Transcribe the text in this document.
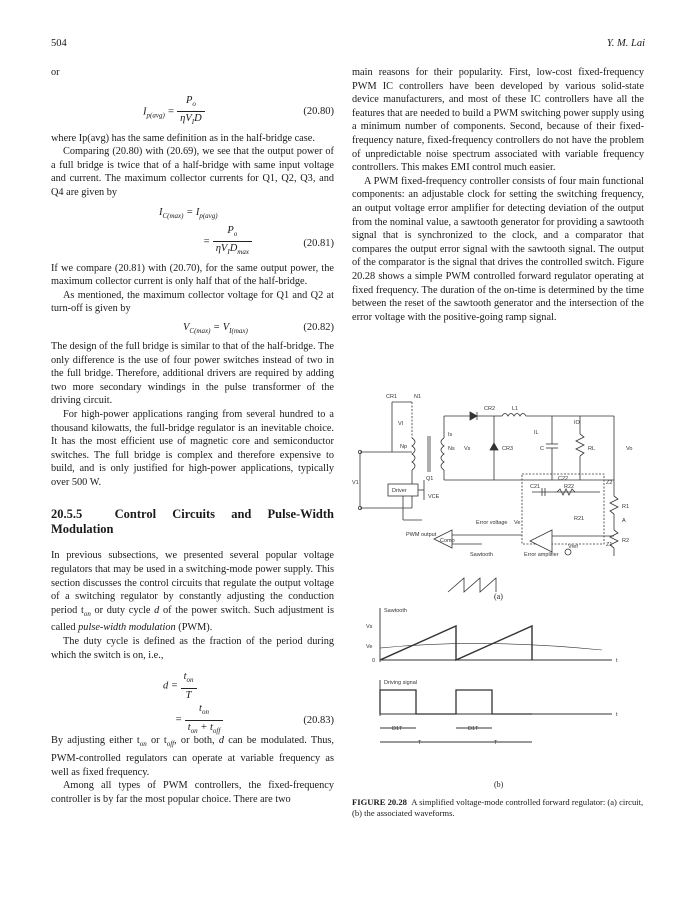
504	Y. M. Lai

or

$I_{p(avg)} = \frac{P_o}{\eta V_ID}$	(20.80)

where Ip(avg) has the same definition as in the half-bridge case.

Comparing (20.80) with (20.69), we see that the output power of a full bridge is twice that of a half-bridge with same input voltage and current. The maximum collector currents for Q1, Q2, Q3, and Q4 are given by

$I_{C(max)} = I_{p(avg)}$
= $\frac{P_o}{\eta V_ID_{max}}$	(20.81)

If we compare (20.81) with (20.70), for the same output power, the maximum collector current is only half that of the half-bridge.

As mentioned, the maximum collector voltage for Q1 and Q2 at turn-off is given by

$V_{C(max)} = V_{I(max)}$	(20.82)

The design of the full bridge is similar to that of the half-bridge. The only difference is the use of four power switches instead of two in the full bridge. Therefore, additional drivers are required by adding two more secondary windings in the pulse transformer of the driving circuit.

For high-power applications ranging from several hundred to a thousand kilowatts, the full-bridge regulator is an inevitable choice. It has the most efficient use of magnetic core and semiconductor switches. The full bridge is complex and therefore expensive to build, and is only justified for high-power applications, typically over 500 W.

20.5.5	Control Circuits and Pulse-Width Modulation

In previous subsections, we presented several popular voltage regulators that may be used in a switching-mode power supply. This section discusses the control circuits that regulate the output voltage of a switching regulator by constantly adjusting the conduction period $t_{on}$ or duty cycle d of the power switch. Such adjustment is called pulse-width modulation (PWM).

The duty cycle is defined as the fraction of the period during which the switch is on, i.e.,

$d = \frac{t_{on}}{T}$
= $\frac{t_{on}}{t_{on} + t_{off}}$	(20.83)

By adjusting either $t_{on}$ or $t_{off}$, or both, d can be modulated. Thus, PWM-controlled regulators can operate at variable frequency as well as fixed frequency.

Among all types of PWM controllers, the fixed-frequency controller is by far the most popular choice. There are two

main reasons for their popularity. First, low-cost fixed-frequency PWM IC controllers have been developed by various solid-state device manufacturers, and most of these IC controllers have all the features that are needed to build a PWM switching power supply using a minimum number of components. Second, because of their fixed-frequency nature, fixed-frequency controllers do not have the problem of unpredictable noise spectrum associated with variable frequency controllers. This makes EMI control much easier.

A PWM fixed-frequency controller consists of four main functional components: an adjustable clock for setting the switching frequency, an output voltage error amplifier for detecting deviation of the output from the nominal value, a sawtooth generator for providing a sawtooth signal that is synchronized to the clock, and a comparator that compares the output error signal with the sawtooth signal. The output of the comparator is the signal that drives the controlled switch. Figure 20.28 shows a simple PWM controlled forward regulator operating at fixed frequency. The duration of the on-time is determined by the time between the reset of the sawtooth generator and the intersection of the error voltage with the positive-going ramp signal.

CR1	N1
CR2	L1
VI
Is
Np	Ns Vs	CR3	C	RL	Vo
V1
IL
IO
Q1
Driver
VCE
C22
C21	R22
Z2
R1
R21	A
Z1
R2
Error voltage Ve
PWM output
Comp
Sawtooth	Error amplifier
Vref
(a)
Sawtooth
Vs
Ve
0	t
Driving signal
t
D1T	D1T
T	T
(b)
FIGURE 20.28 A simplified voltage-mode controlled forward regulator: (a) circuit, (b) the associated waveforms.
